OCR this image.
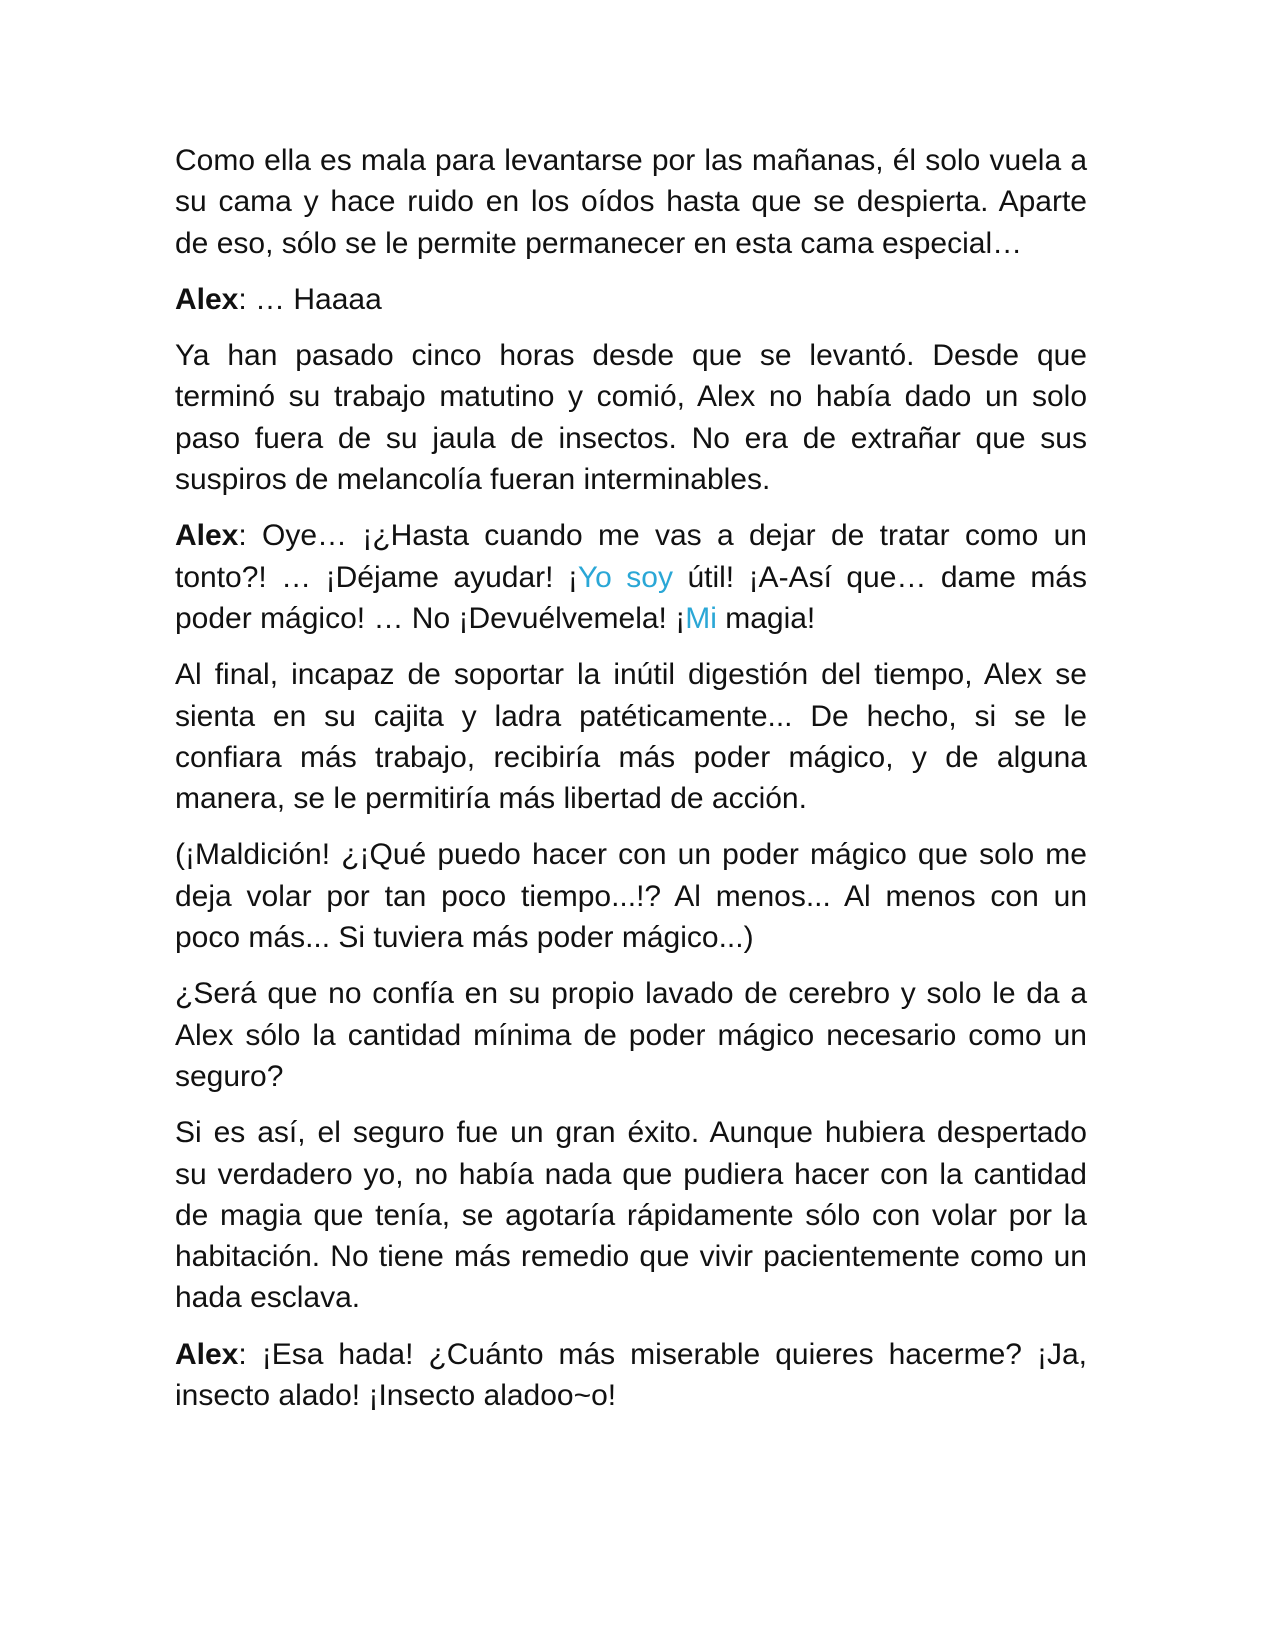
Como ella es mala para levantarse por las mañanas, él solo vuela a su cama y hace ruido en los oídos hasta que se despierta. Aparte de eso, sólo se le permite permanecer en esta cama especial…

Alex: … Haaaa

Ya han pasado cinco horas desde que se levantó. Desde que terminó su trabajo matutino y comió, Alex no había dado un solo paso fuera de su jaula de insectos. No era de extrañar que sus suspiros de melancolía fueran interminables.

Alex: Oye… ¡¿Hasta cuando me vas a dejar de tratar como un tonto?! … ¡Déjame ayudar! ¡Yo soy útil! ¡A-Así que… dame más poder mágico! … No ¡Devuélvemela! ¡Mi magia!

Al final, incapaz de soportar la inútil digestión del tiempo, Alex se sienta en su cajita y ladra patéticamente... De hecho, si se le confiara más trabajo, recibiría más poder mágico, y de alguna manera, se le permitiría más libertad de acción.

(¡Maldición! ¿¡Qué puedo hacer con un poder mágico que solo me deja volar por tan poco tiempo...!? Al menos... Al menos con un poco más... Si tuviera más poder mágico...)

¿Será que no confía en su propio lavado de cerebro y solo le da a Alex sólo la cantidad mínima de poder mágico necesario como un seguro?

Si es así, el seguro fue un gran éxito. Aunque hubiera despertado su verdadero yo, no había nada que pudiera hacer con la cantidad de magia que tenía, se agotaría rápidamente sólo con volar por la habitación. No tiene más remedio que vivir pacientemente como un hada esclava.

Alex: ¡Esa hada! ¿Cuánto más miserable quieres hacerme? ¡Ja, insecto alado! ¡Insecto aladoo~o!
